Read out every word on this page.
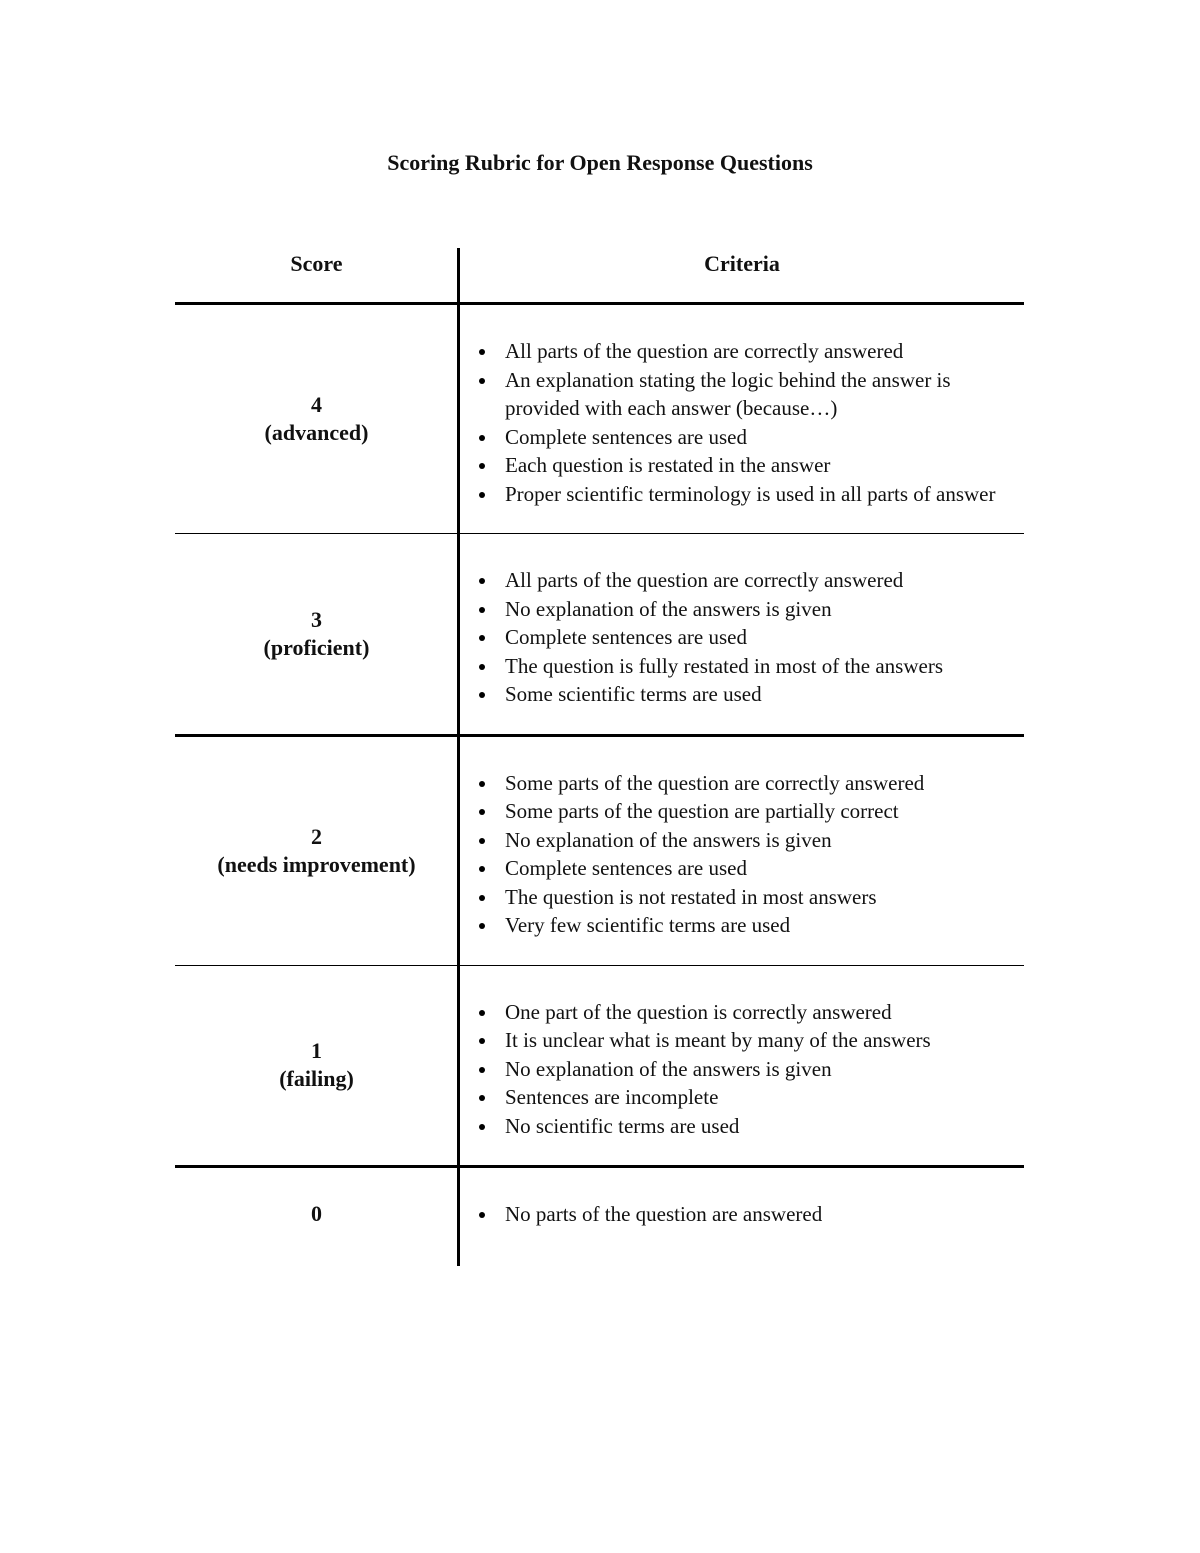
Scoring Rubric for Open Response Questions
Score	Criteria
4
(advanced)
All parts of the question are correctly answered
An explanation stating the logic behind the answer is provided with each answer (because…)
Complete sentences are used
Each question is restated in the answer
Proper scientific terminology is used in all parts of answer
3
(proficient)
All parts of the question are correctly answered
No explanation of the answers is given
Complete sentences are used
The question is fully restated in most of the answers
Some scientific terms are used
2
(needs improvement)
Some parts of the question are correctly answered
Some parts of the question are partially correct
No explanation of the answers is given
Complete sentences are used
The question is not restated in most answers
Very few scientific terms are used
1
(failing)
One part of the question is correctly answered
It is unclear what is meant by many of the answers
No explanation of the answers is given
Sentences are incomplete
No scientific terms are used
0	No parts of the question are answered
